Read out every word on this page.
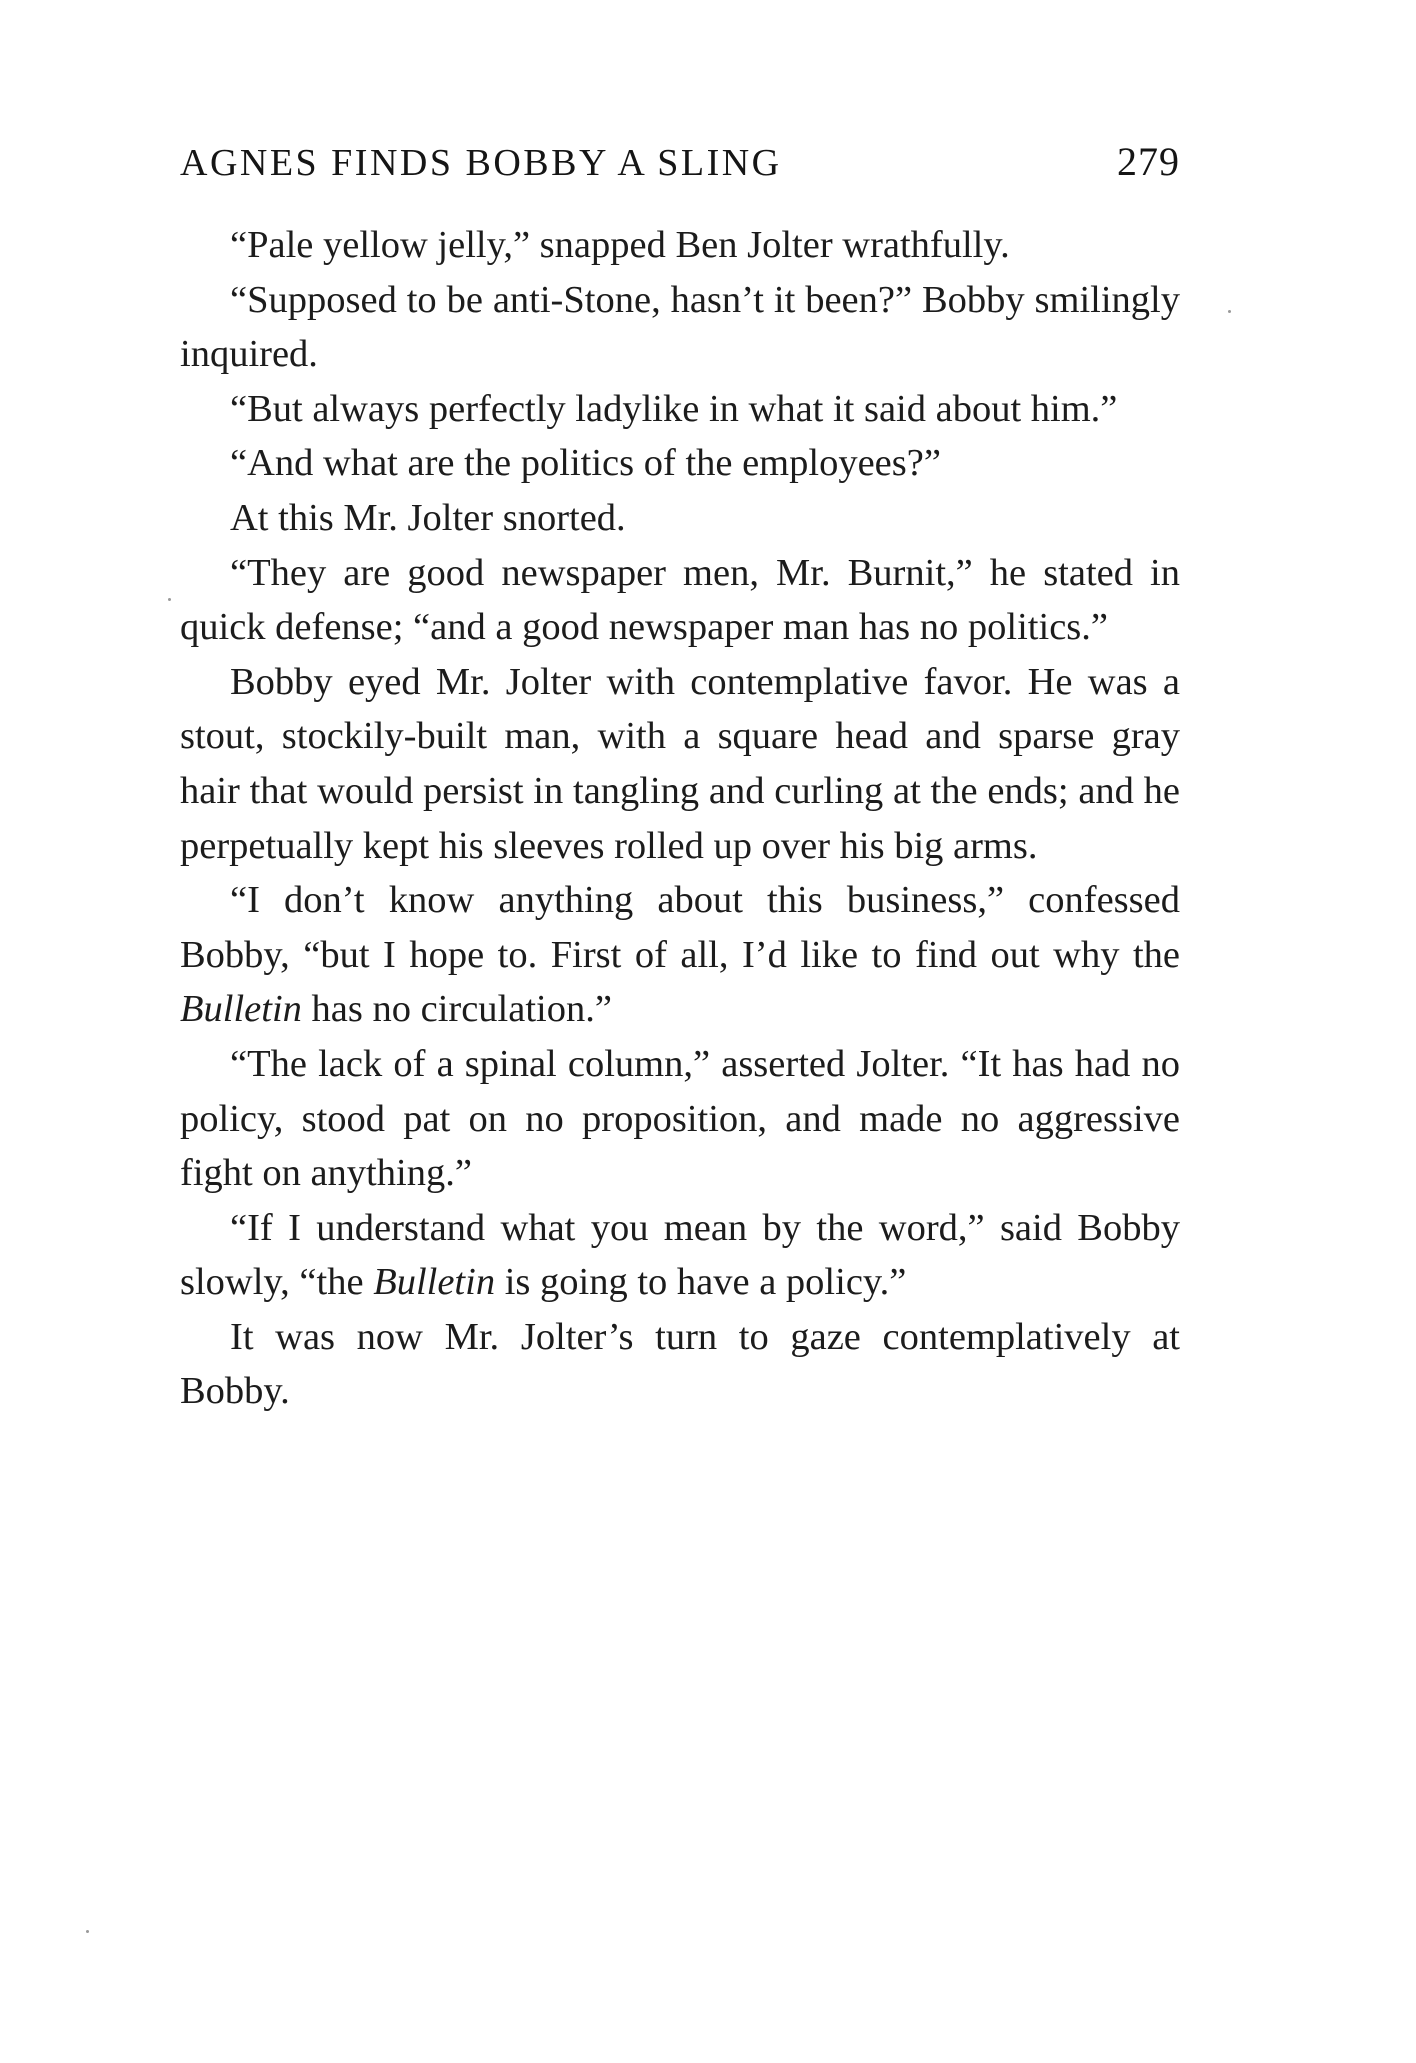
AGNES FINDS BOBBY A SLING	279

“Pale yellow jelly,” snapped Ben Jolter wrathfully.

“Supposed to be anti-Stone, hasn’t it been?” Bobby smilingly inquired.

“But always perfectly ladylike in what it said about him.”

“And what are the politics of the employees?”

At this Mr. Jolter snorted.

“They are good newspaper men, Mr. Burnit,” he stated in quick defense; “and a good newspaper man has no politics.”

Bobby eyed Mr. Jolter with contemplative favor. He was a stout, stockily-built man, with a square head and sparse gray hair that would persist in tangling and curling at the ends; and he perpetually kept his sleeves rolled up over his big arms.

“I don’t know anything about this business,” confessed Bobby, “but I hope to. First of all, I’d like to find out why the Bulletin has no circulation.”

“The lack of a spinal column,” asserted Jolter. “It has had no policy, stood pat on no proposition, and made no aggressive fight on anything.”

“If I understand what you mean by the word,” said Bobby slowly, “the Bulletin is going to have a policy.”

It was now Mr. Jolter’s turn to gaze contemplatively at Bobby.
